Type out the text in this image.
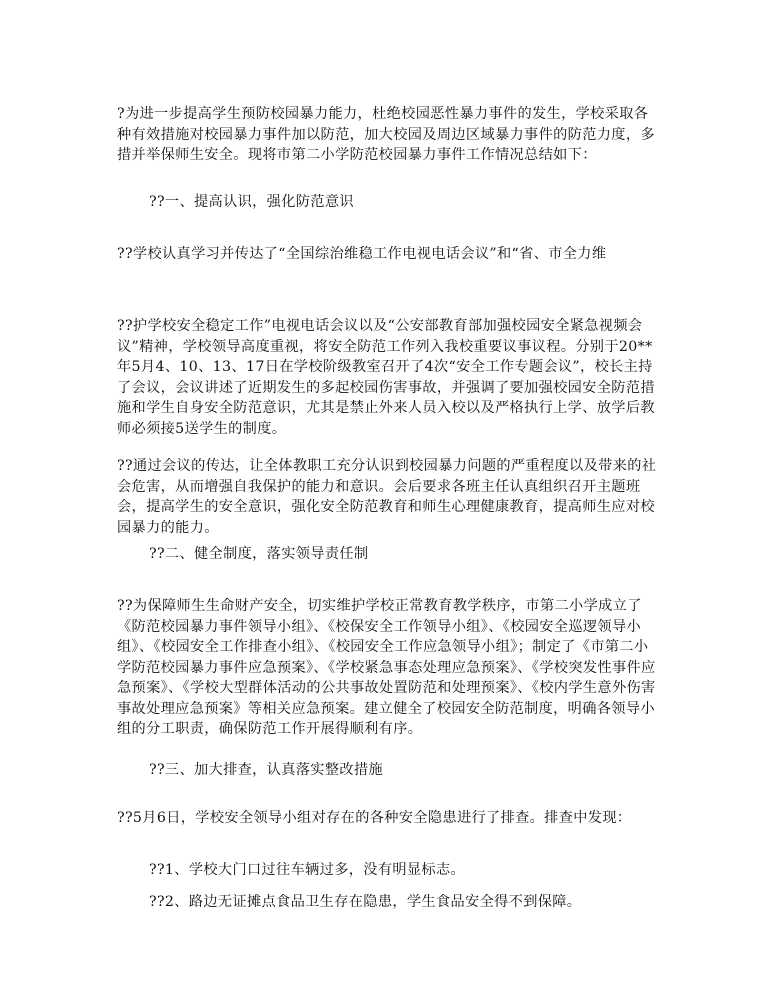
?为进一步提高学生预防校园暴力能力，杜绝校园恶性暴力事件的发生，学校采取各种有效措施对校园暴力事件加以防范，加大校园及周边区域暴力事件的防范力度，多措并举保师生安全。现将市第二小学防范校园暴力事件工作情况总结如下：

??一、提高认识，强化防范意识

??学校认真学习并传达了“全国综治维稳工作电视电话会议”和“省、市全力维

??护学校安全稳定工作”电视电话会议以及“公安部教育部加强校园安全紧急视频会议”精神，学校领导高度重视，将安全防范工作列入我校重要议事议程。分别于20**年5月4、10、13、17日在学校阶级教室召开了4次“安全工作专题会议”，校长主持了会议，会议讲述了近期发生的多起校园伤害事故，并强调了要加强校园安全防范措施和学生自身安全防范意识，尤其是禁止外来人员入校以及严格执行上学、放学后教师必须接5送学生的制度。

??通过会议的传达，让全体教职工充分认识到校园暴力问题的严重程度以及带来的社会危害，从而增强自我保护的能力和意识。会后要求各班主任认真组织召开主题班会，提高学生的安全意识，强化安全防范教育和师生心理健康教育，提高师生应对校园暴力的能力。

??二、健全制度，落实领导责任制

??为保障师生生命财产安全，切实维护学校正常教育教学秩序，市第二小学成立了《防范校园暴力事件领导小组》、《校保安全工作领导小组》、《校园安全巡逻领导小组》、《校园安全工作排查小组》、《校园安全工作应急领导小组》；制定了《市第二小学防范校园暴力事件应急预案》、《学校紧急事态处理应急预案》、《学校突发性事件应急预案》、《学校大型群体活动的公共事故处置防范和处理预案》、《校内学生意外伤害事故处理应急预案》等相关应急预案。建立健全了校园安全防范制度，明确各领导小组的分工职责，确保防范工作开展得顺利有序。

??三、加大排查，认真落实整改措施

??5月6日，学校安全领导小组对存在的各种安全隐患进行了排查。排查中发现：

??1、学校大门口过往车辆过多，没有明显标志。

??2、路边无证摊点食品卫生存在隐患，学生食品安全得不到保障。
